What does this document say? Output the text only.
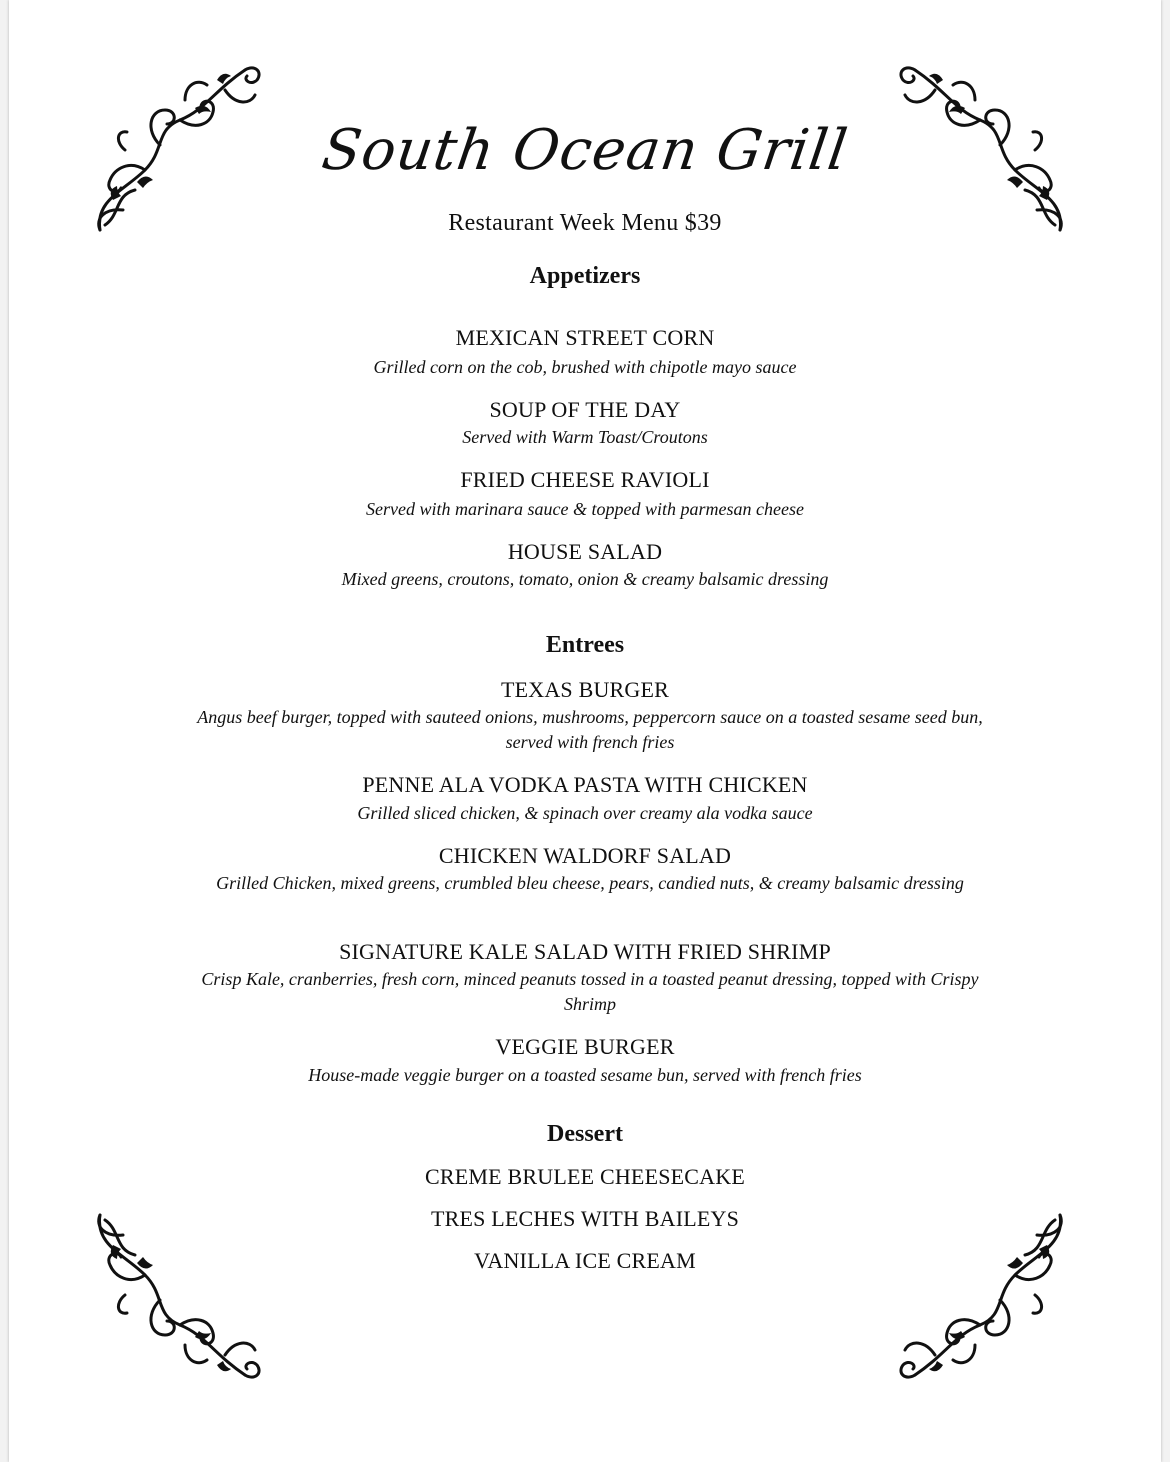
South Ocean Grill
Restaurant Week Menu $39
Appetizers
MEXICAN STREET CORN
Grilled corn on the cob, brushed with chipotle mayo sauce
SOUP OF THE DAY
Served with Warm Toast/Croutons
FRIED CHEESE RAVIOLI
Served with marinara sauce & topped with parmesan cheese
HOUSE SALAD
Mixed greens, croutons, tomato, onion & creamy balsamic dressing
Entrees
TEXAS BURGER
Angus beef burger, topped with sauteed onions, mushrooms, peppercorn sauce on a toasted sesame seed bun, served with french fries
PENNE ALA VODKA PASTA WITH CHICKEN
Grilled sliced chicken, & spinach over creamy ala vodka sauce
CHICKEN WALDORF SALAD
Grilled Chicken, mixed greens, crumbled bleu cheese, pears, candied nuts, & creamy balsamic dressing
SIGNATURE KALE SALAD WITH FRIED SHRIMP
Crisp Kale, cranberries, fresh corn, minced peanuts tossed in a toasted peanut dressing, topped with Crispy Shrimp
VEGGIE BURGER
House-made veggie burger on a toasted sesame bun, served with french fries
Dessert
CREME BRULEE CHEESECAKE
TRES LECHES WITH BAILEYS
VANILLA ICE CREAM
